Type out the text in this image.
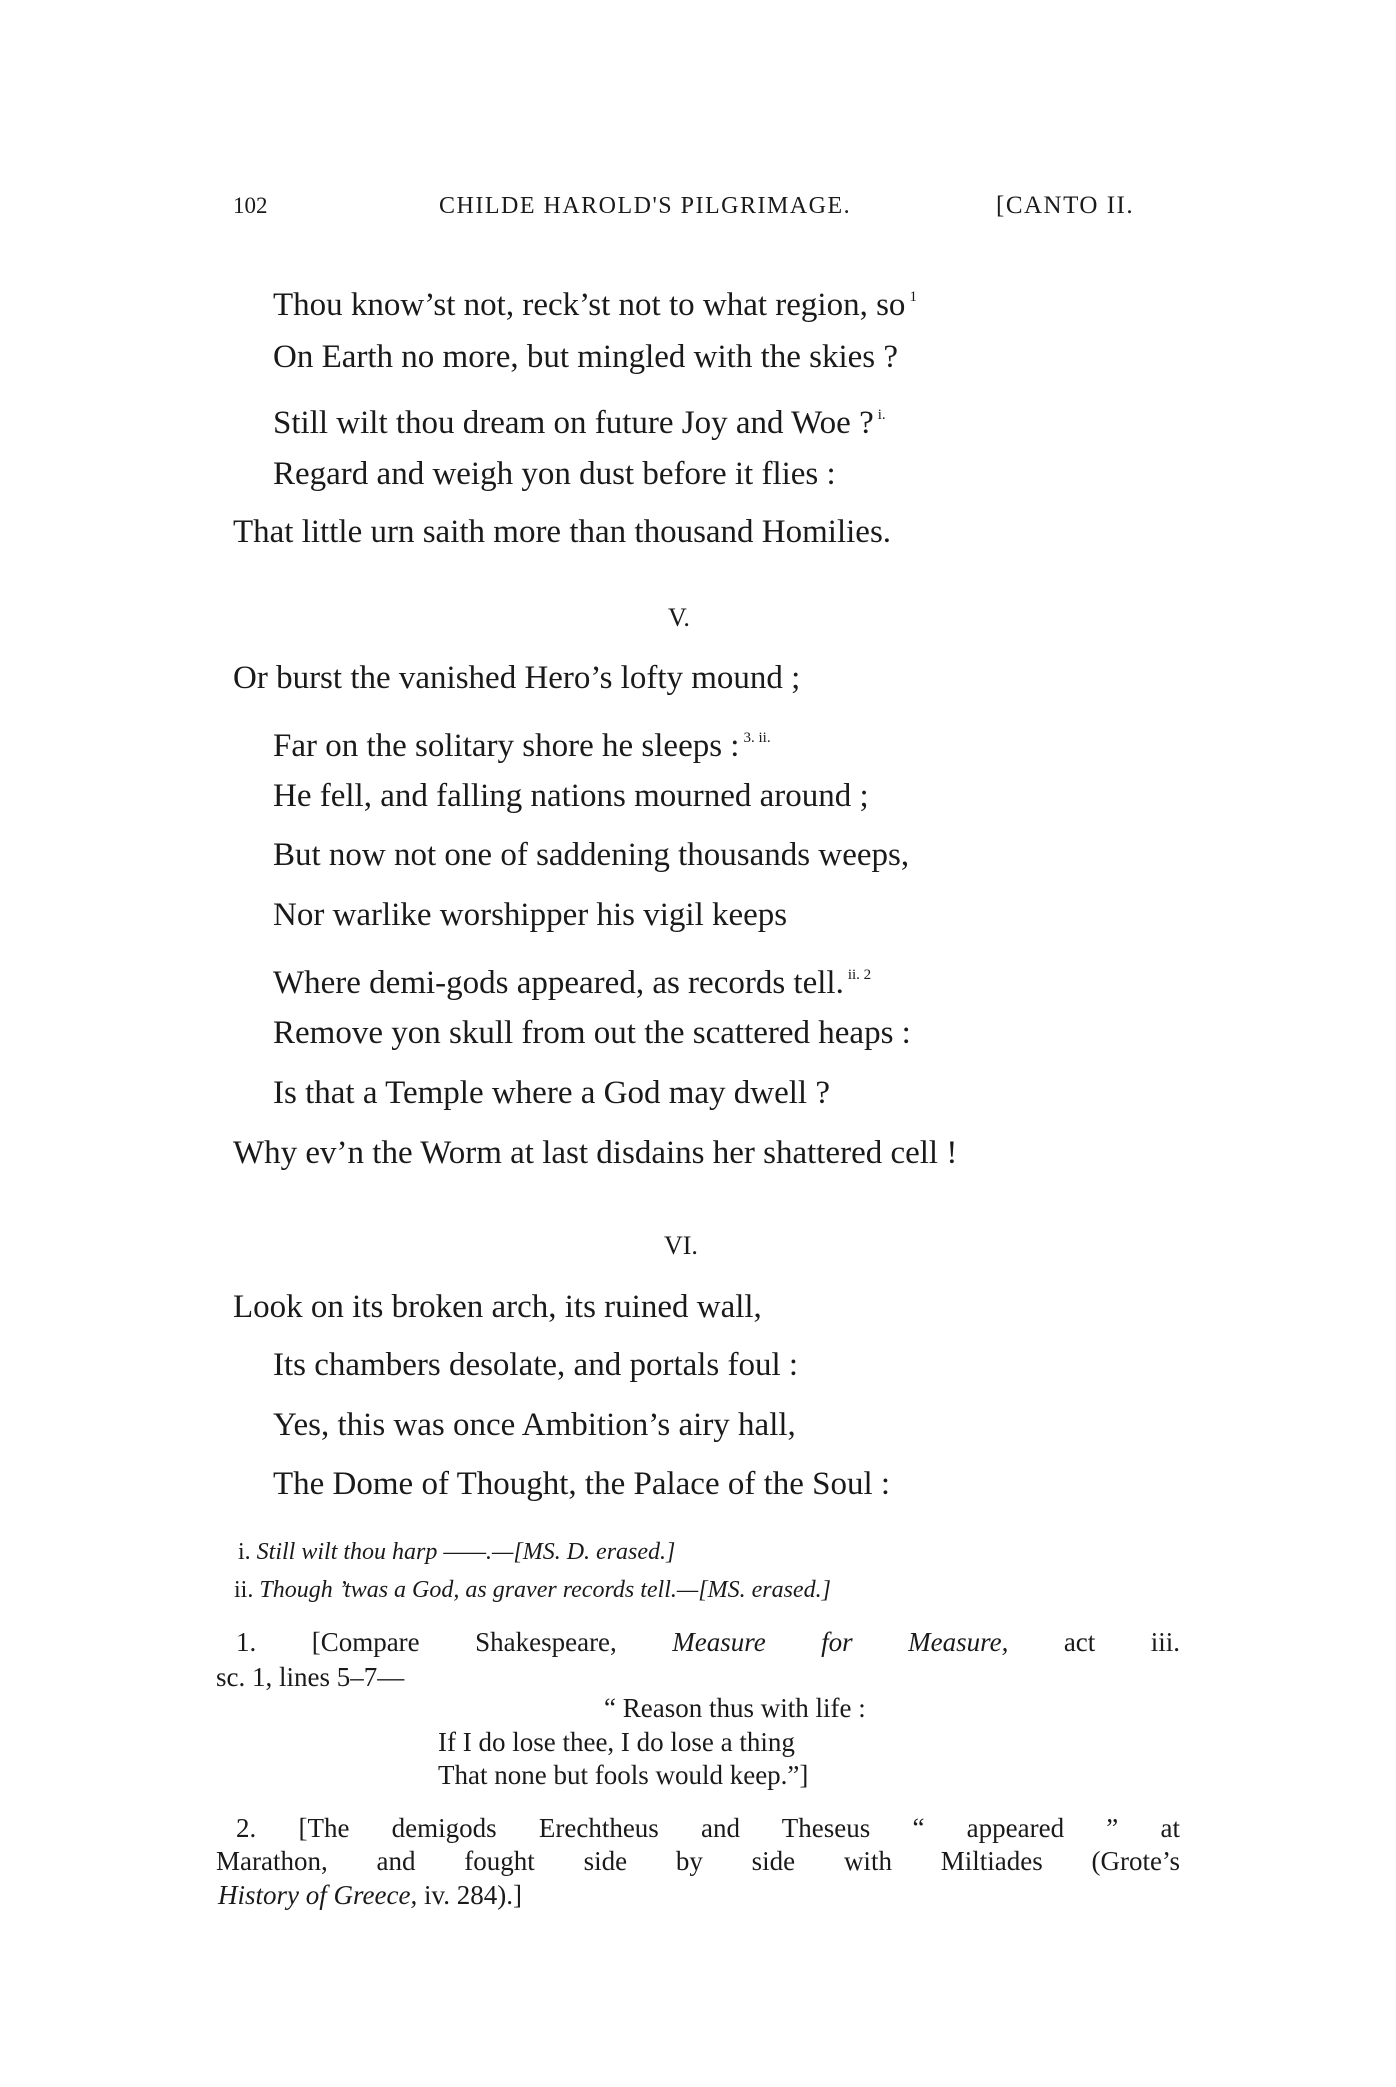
102	CHILDE HAROLD'S PILGRIMAGE.	[CANTO II.
Thou know’st not, reck’st not to what region, so $^1$
On Earth no more, but mingled with the skies ?
Still wilt thou dream on future Joy and Woe ? $^{i.}$
Regard and weigh yon dust before it flies :
That little urn saith more than thousand Homilies.
V.
Or burst the vanished Hero’s lofty mound ;
Far on the solitary shore he sleeps : $^{3. ii.}$
He fell, and falling nations mourned around ;
But now not one of saddening thousands weeps,
Nor warlike worshipper his vigil keeps
Where demi-gods appeared, as records tell. $^{ii. 2}$
Remove yon skull from out the scattered heaps :
Is that a Temple where a God may dwell ?
Why ev’n the Worm at last disdains her shattered cell !
VI.
Look on its broken arch, its ruined wall,
Its chambers desolate, and portals foul :
Yes, this was once Ambition’s airy hall,
The Dome of Thought, the Palace of the Soul :
i. Still wilt thou harp ——.—[MS. D. erased.]
ii. Though ’twas a God, as graver records tell.—[MS. erased.]
1. [Compare Shakespeare, Measure for Measure, act iii.
sc. 1, lines 5–7—
“ Reason thus with life :
If I do lose thee, I do lose a thing
That none but fools would keep.”]
2. [The demigods Erechtheus and Theseus “ appeared ” at
Marathon, and fought side by side with Miltiades (Grote’s
History of Greece, iv. 284).]
